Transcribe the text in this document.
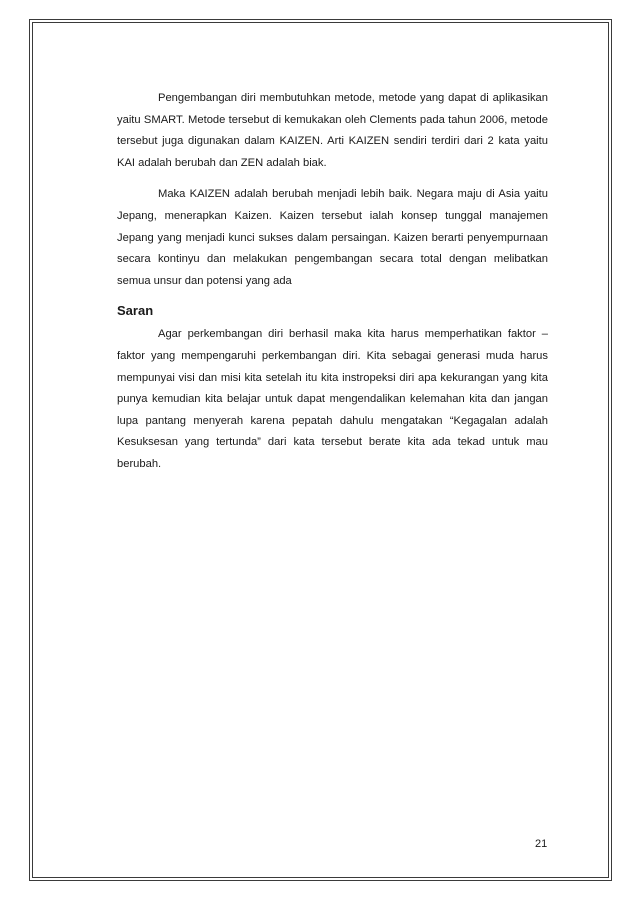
Pengembangan diri membutuhkan metode, metode yang dapat di aplikasikan yaitu SMART. Metode tersebut di kemukakan oleh Clements pada tahun 2006, metode tersebut juga digunakan dalam KAIZEN. Arti KAIZEN sendiri terdiri dari 2 kata yaitu KAI adalah berubah dan ZEN adalah biak.

Maka KAIZEN adalah berubah menjadi lebih baik. Negara maju di Asia yaitu Jepang, menerapkan Kaizen. Kaizen tersebut ialah konsep tunggal manajemen Jepang yang menjadi kunci sukses dalam persaingan. Kaizen berarti penyempurnaan secara kontinyu dan melakukan pengembangan secara total dengan melibatkan semua unsur dan potensi yang ada

Saran

Agar perkembangan diri berhasil maka kita harus memperhatikan faktor – faktor yang mempengaruhi perkembangan diri. Kita sebagai generasi muda harus mempunyai visi dan misi kita setelah itu kita instropeksi diri apa kekurangan yang kita punya kemudian kita belajar untuk dapat mengendalikan kelemahan kita dan jangan lupa pantang menyerah karena pepatah dahulu mengatakan “Kegagalan adalah Kesuksesan yang tertunda” dari kata tersebut berate kita ada tekad untuk mau berubah.

21
